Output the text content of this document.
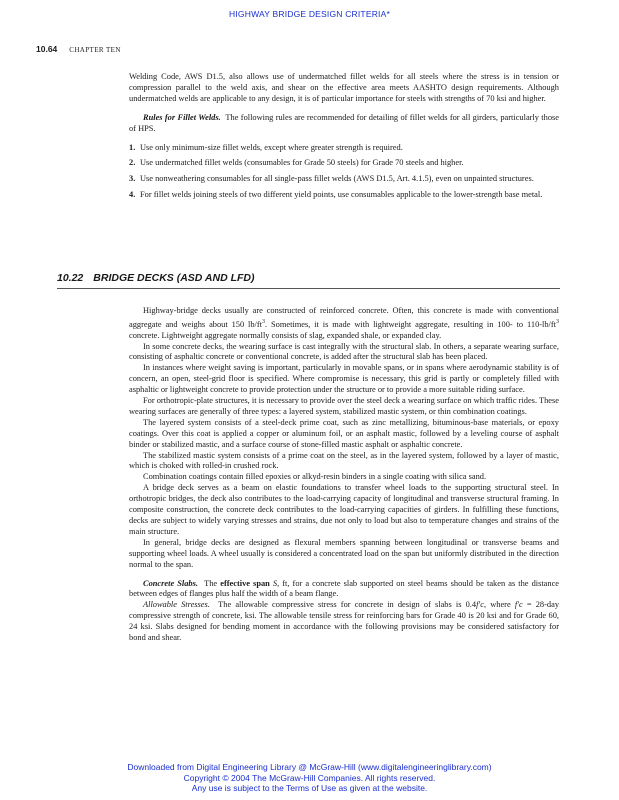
HIGHWAY BRIDGE DESIGN CRITERIA*
10.64 CHAPTER TEN

Welding Code, AWS D1.5, also allows use of undermatched fillet welds for all steels where the stress is in tension or compression parallel to the weld axis, and shear on the effective area meets AASHTO design requirements. Although undermatched welds are applicable to any design, it is of particular importance for steels with strengths of 70 ksi and higher.

Rules for Fillet Welds. The following rules are recommended for detailing of fillet welds for all girders, particularly those of HPS.

1. Use only minimum-size fillet welds, except where greater strength is required.
2. Use undermatched fillet welds (consumables for Grade 50 steels) for Grade 70 steels and higher.
3. Use nonweathering consumables for all single-pass fillet welds (AWS D1.5, Art. 4.1.5), even on unpainted structures.
4. For fillet welds joining steels of two different yield points, use consumables applicable to the lower-strength base metal.
10.22 BRIDGE DECKS (ASD AND LFD)

Highway-bridge decks usually are constructed of reinforced concrete. Often, this concrete is made with conventional aggregate and weighs about 150 $lb/ft^3$. Sometimes, it is made with lightweight aggregate, resulting in 100- to $110-lb/ft^3$ concrete. Lightweight aggregate normally consists of slag, expanded shale, or expanded clay.

In some concrete decks, the wearing surface is cast integrally with the structural slab. In others, a separate wearing surface, consisting of asphaltic concrete or conventional concrete, is added after the structural slab has been placed.

In instances where weight saving is important, particularly in movable spans, or in spans where aerodynamic stability is of concern, an open, steel-grid floor is specified. Where compromise is necessary, this grid is partly or completely filled with asphaltic or lightweight concrete to provide protection under the structure or to provide a more suitable riding surface.

For orthotropic-plate structures, it is necessary to provide over the steel deck a wearing surface on which traffic rides. These wearing surfaces are generally of three types: a layered system, stabilized mastic system, or thin combination coatings.

The layered system consists of a steel-deck prime coat, such as zinc metallizing, bituminous-base materials, or epoxy coatings. Over this coat is applied a copper or aluminum foil, or an asphalt mastic, followed by a leveling course of asphalt binder or stabilized mastic, and a surface course of stone-filled mastic asphalt or asphaltic concrete.

The stabilized mastic system consists of a prime coat on the steel, as in the layered system, followed by a layer of mastic, which is choked with rolled-in crushed rock.

Combination coatings contain filled epoxies or alkyd-resin binders in a single coating with silica sand.

A bridge deck serves as a beam on elastic foundations to transfer wheel loads to the supporting structural steel. In orthotropic bridges, the deck also contributes to the load-carrying capacity of longitudinal and transverse structural framing. In composite construction, the concrete deck contributes to the load-carrying capacities of girders. In fulfilling these functions, decks are subject to widely varying stresses and strains, due not only to load but also to temperature changes and strains of the main structure.

In general, bridge decks are designed as flexural members spanning between longitudinal or transverse beams and supporting wheel loads. A wheel usually is considered a concentrated load on the span but uniformly distributed in the direction normal to the span.

Concrete Slabs. The effective span S, ft, for a concrete slab supported on steel beams should be taken as the distance between edges of flanges plus half the width of a beam flange.

Allowable Stresses. The allowable compressive stress for concrete in design of slabs is 0.4f′c, where f′c = 28-day compressive strength of concrete, ksi. The allowable tensile stress for reinforcing bars for Grade 40 is 20 ksi and for Grade 60, 24 ksi. Slabs designed for bending moment in accordance with the following provisions may be considered satisfactory for bond and shear.

Downloaded from Digital Engineering Library @ McGraw-Hill (www.digitalengineeringlibrary.com)
Copyright © 2004 The McGraw-Hill Companies. All rights reserved.
Any use is subject to the Terms of Use as given at the website.
